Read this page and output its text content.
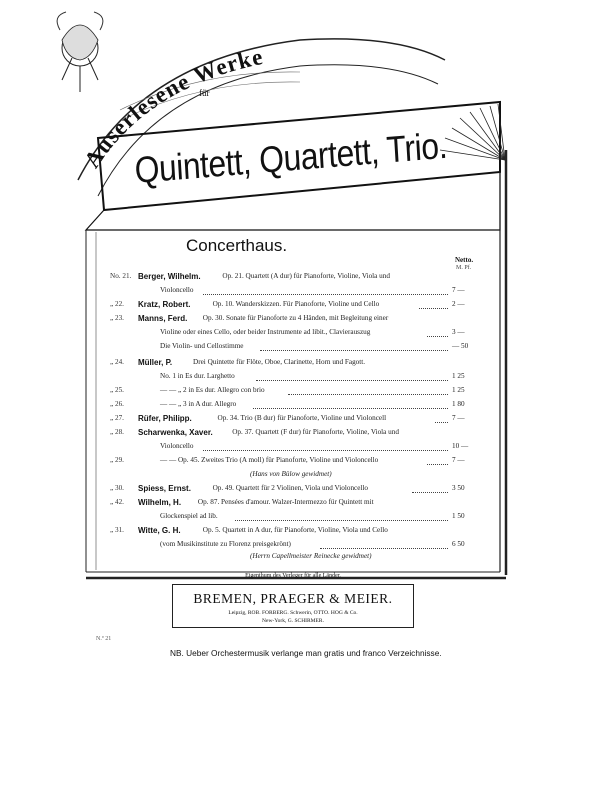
Auserlesene Werke
für
Quintett, Quartett, Trio.
Concerthaus.
Netto.
M. Pf.
No. 21. Berger, Wilhelm.	Op. 21. Quartett (A dur) für Pianoforte, Violine, Viola und
Violoncello	7 —
„ 22.	Kratz, Robert.	Op. 10. Wanderskizzen. Für Pianoforte, Violine und Cello	2 —
„ 23.	Manns, Ferd. Op. 30. Sonate für Pianoforte zu 4 Händen, mit Begleitung einer
Violine oder eines Cello, oder beider Instrumente ad libit., Clavierauszug	3 —
Die Violin- und Cellostimme	— 50
„ 24.	Müller, P.	Drei Quintette für Flöte, Oboe, Clarinette, Horn und Fagott.
No. 1 in Es dur. Larghetto	1 25
„ 25.	— — „ 2 in Es dur. Allegro con brio	1 25
„ 26.	— — „ 3 in A dur. Allegro	1 80
„ 27.	Rüfer, Philipp.	Op. 34. Trio (B dur) für Pianoforte, Violine und Violoncell	7 —
„ 28.	Scharwenka, Xaver.	Op. 37. Quartett (F dur) für Pianoforte, Violine, Viola und
Violoncello	10 —
„ 29.	— — Op. 45. Zweites Trio (A moll) für Pianoforte, Violine und Violoncello	7 —
(Hans von Bülow gewidmet)
„ 30.	Spiess, Ernst.	Op. 49. Quartett für 2 Violinen, Viola und Violoncello	3 50
„ 42.	Wilhelm, H. Op. 87. Pensées d'amour. Walzer-Intermezzo für Quintett mit
Glockenspiel ad lib.	1 50
„ 31.	Witte, G. H.	Op. 5. Quartett in A dur, für Pianoforte, Violine, Viola und Cello
(vom Musikinstitute zu Florenz preisgekrönt)	6 50
(Herrn Capellmeister Reinecke gewidmet)
Eigenthum des Verleger für alle Länder.
BREMEN, PRAEGER & MEIER.
Leipzig, ROB. FORBERG. Schwerin, OTTO. HOG & Co.
New-York, G. SCHIRMER.
N.º 21
NB. Ueber Orchestermusik verlange man gratis und franco Verzeichnisse.
